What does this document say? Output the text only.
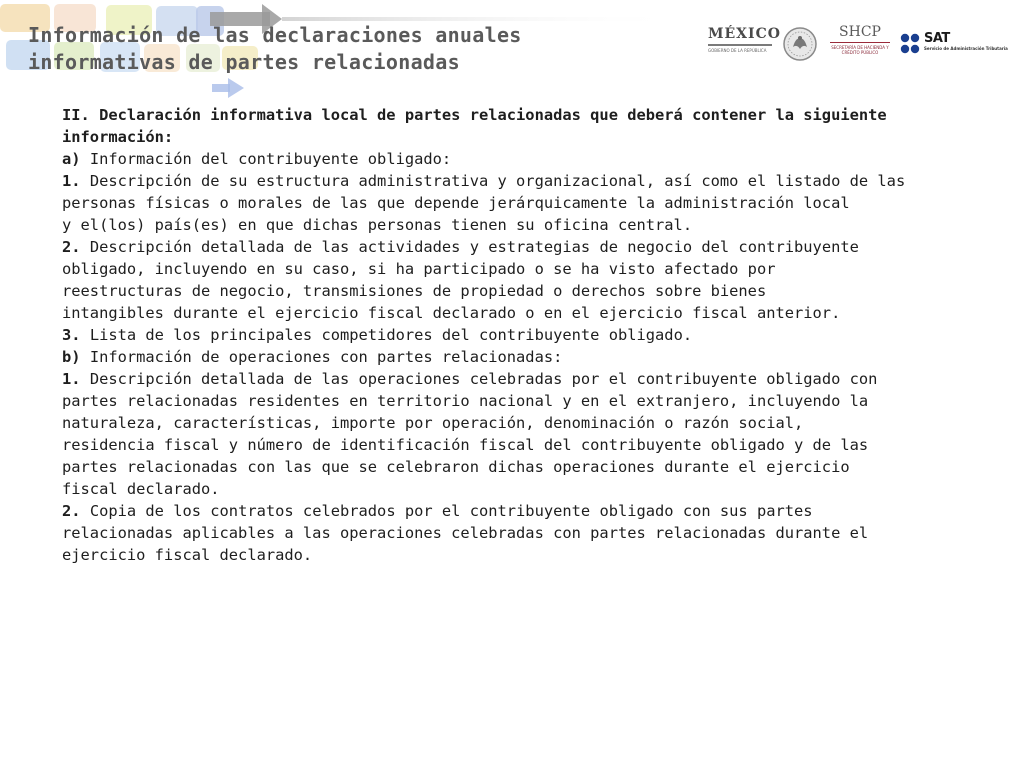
Información de las declaraciones anuales
informativas de partes relacionadas
MÉXICO
GOBIERNO DE LA REPÚBLICA
SHCP
SECRETARÍA DE HACIENDA Y CRÉDITO PÚBLICO
SAT
Servicio de Administración Tributaria

II. Declaración informativa local de partes relacionadas que deberá contener la siguiente

información:

a) Información del contribuyente obligado:

1. Descripción de su estructura administrativa y organizacional, así como el listado de las

personas físicas o morales de las que depende jerárquicamente la administración local

y el(los) país(es) en que dichas personas tienen su oficina central.

2. Descripción detallada de las actividades y estrategias de negocio del contribuyente

obligado, incluyendo en su caso, si ha participado o se ha visto afectado por

reestructuras de negocio, transmisiones de propiedad o derechos sobre bienes

intangibles durante el ejercicio fiscal declarado o en el ejercicio fiscal anterior.

3. Lista de los principales competidores del contribuyente obligado.

b) Información de operaciones con partes relacionadas:

1. Descripción detallada de las operaciones celebradas por el contribuyente obligado con

partes relacionadas residentes en territorio nacional y en el extranjero, incluyendo la

naturaleza, características, importe por operación, denominación o razón social,

residencia fiscal y número de identificación fiscal del contribuyente obligado y de las

partes relacionadas con las que se celebraron dichas operaciones durante el ejercicio

fiscal declarado.

2. Copia de los contratos celebrados por el contribuyente obligado con sus partes

relacionadas aplicables a las operaciones celebradas con partes relacionadas durante el

ejercicio fiscal declarado.
